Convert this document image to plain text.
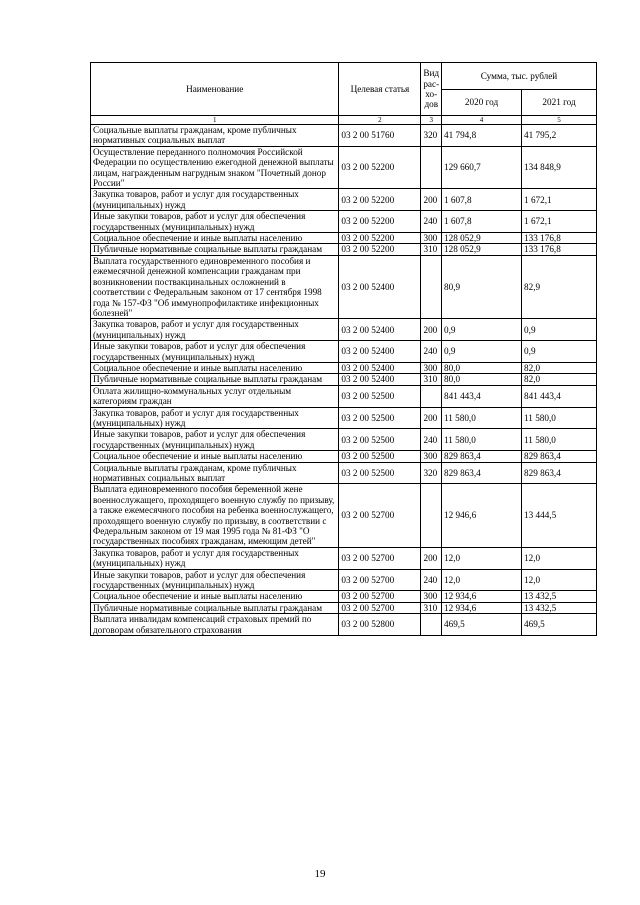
Наименование	Целевая статья	Вид рас- хо- дов	Сумма, тыс. рублей	
			2020 год	2021 год
1	2	3	4	5
Социальные выплаты гражданам, кроме публичных нормативных социальных выплат	03 2 00 51760	320	41 794,8	41 795,2
Осуществление переданного полномочия Российской Федерации по осуществлению ежегодной денежной выплаты лицам, награжденным нагрудным знаком "Почетный донор России"	03 2 00 52200		129 660,7	134 848,9
Закупка товаров, работ и услуг для государственных (муниципальных) нужд	03 2 00 52200	200	1 607,8	1 672,1
Иные закупки товаров, работ и услуг для обеспечения государственных (муниципальных) нужд	03 2 00 52200	240	1 607,8	1 672,1
Социальное обеспечение и иные выплаты населению	03 2 00 52200	300	128 052,9	133 176,8
Публичные нормативные социальные выплаты гражданам	03 2 00 52200	310	128 052,9	133 176,8
Выплата государственного единовременного пособия и ежемесячной денежной компенсации гражданам при возникновении поствакцинальных осложнений в соответствии с Федеральным законом от 17 сентября 1998 года № 157-ФЗ "Об иммунопрофилактике инфекционных болезней"	03 2 00 52400		80,9	82,9
Закупка товаров, работ и услуг для государственных (муниципальных) нужд	03 2 00 52400	200	0,9	0,9
Иные закупки товаров, работ и услуг для обеспечения государственных (муниципальных) нужд	03 2 00 52400	240	0,9	0,9
Социальное обеспечение и иные выплаты населению	03 2 00 52400	300	80,0	82,0
Публичные нормативные социальные выплаты гражданам	03 2 00 52400	310	80,0	82,0
Оплата жилищно-коммунальных услуг отдельным категориям граждан	03 2 00 52500		841 443,4	841 443,4
Закупка товаров, работ и услуг для государственных (муниципальных) нужд	03 2 00 52500	200	11 580,0	11 580,0
Иные закупки товаров, работ и услуг для обеспечения государственных (муниципальных) нужд	03 2 00 52500	240	11 580,0	11 580,0
Социальное обеспечение и иные выплаты населению	03 2 00 52500	300	829 863,4	829 863,4
Социальные выплаты гражданам, кроме публичных нормативных социальных выплат	03 2 00 52500	320	829 863,4	829 863,4
Выплата единовременного пособия беременной жене военнослужащего, проходящего военную службу по призыву, а также ежемесячного пособия на ребенка военнослужащего, проходящего военную службу по призыву, в соответствии с Федеральным законом от 19 мая 1995 года № 81-ФЗ "О государственных пособиях гражданам, имеющим детей"	03 2 00 52700		12 946,6	13 444,5
Закупка товаров, работ и услуг для государственных (муниципальных) нужд	03 2 00 52700	200	12,0	12,0
Иные закупки товаров, работ и услуг для обеспечения государственных (муниципальных) нужд	03 2 00 52700	240	12,0	12,0
Социальное обеспечение и иные выплаты населению	03 2 00 52700	300	12 934,6	13 432,5
Публичные нормативные социальные выплаты гражданам	03 2 00 52700	310	12 934,6	13 432,5
Выплата инвалидам компенсаций страховых премий по договорам обязательного страхования	03 2 00 52800		469,5	469,5
19
